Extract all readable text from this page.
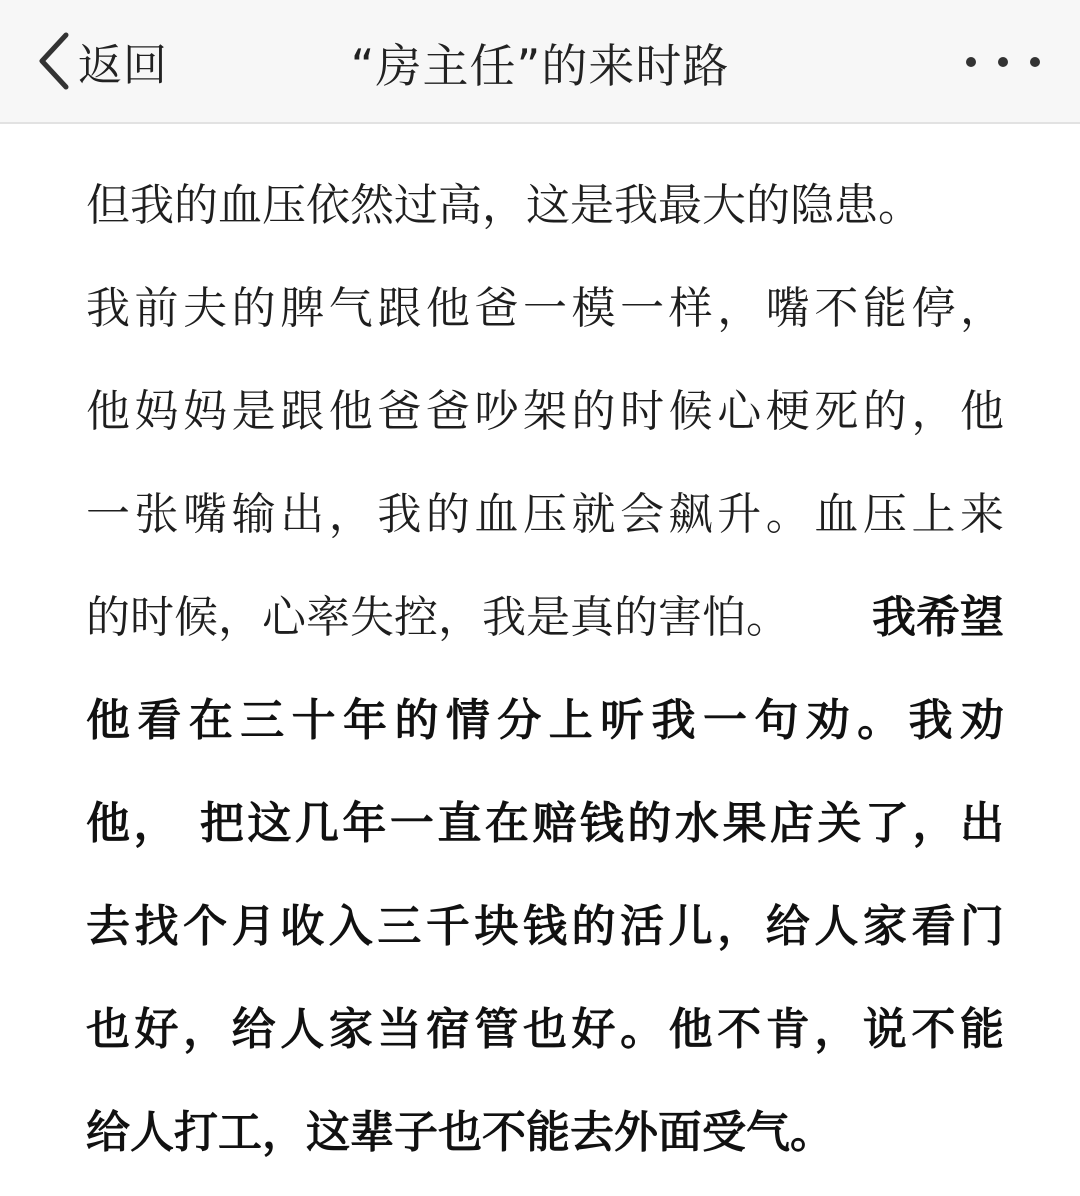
返回	“房主任”的来时路
但我的血压依然过高，这是我最大的隐患。
我前夫的脾气跟他爸一模一样，嘴不能停，
他妈妈是跟他爸爸吵架的时候心梗死的，他
一张嘴输出，我的血压就会飙升。血压上来
的时候，心率失控，我是真的害怕。 我希望
他看在三十年的情分上听我一句劝。我劝
他， 把这几年一直在赔钱的水果店关了，出
去找个月收入三千块钱的活儿，给人家看门
也好，给人家当宿管也好。他不肯，说不能
给人打工，这辈子也不能去外面受气。
